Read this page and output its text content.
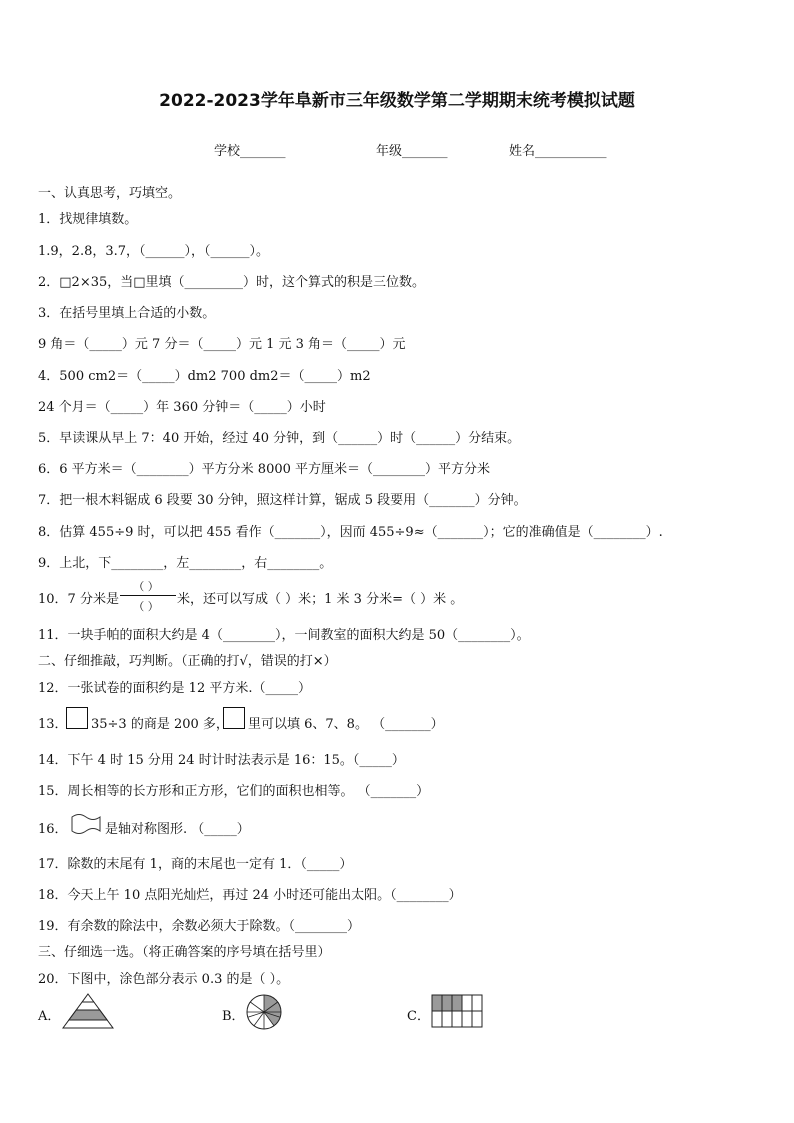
2022-2023学年阜新市三年级数学第二学期期末统考模拟试题
学校_______	年级_______	姓名___________
一、认真思考，巧填空。
1．找规律填数。
1.9，2.8，3.7，（______），（______）。
2．□2×35，当□里填（_________）时，这个算式的积是三位数。
3．在括号里填上合适的小数。
9 角＝（_____）元 7 分＝（_____）元 1 元 3 角＝（_____）元
4．500 cm2＝（_____）dm2 700 dm2＝（_____）m2
24 个月＝（_____）年 360 分钟＝（_____）小时
5．早读课从早上 7：40 开始，经过 40 分钟，到（______）时（______）分结束。
6．6 平方米＝（________）平方分米 8000 平方厘米＝（________）平方分米
7．把一根木料锯成 6 段要 30 分钟，照这样计算，锯成 5 段要用（_______）分钟。
8．估算 455÷9 时，可以把 455 看作（_______），因而 455÷9≈（_______）；它的准确值是（________）.
9．上北，下________，左________，右________。
10．7 分米是
（ ）
（ ）	米，还可以写成（ ）米；1 米 3 分米=（ ）米 。
11．一块手帕的面积大约是 4（________），一间教室的面积大约是 50（________）。
二、仔细推敲，巧判断。（正确的打√，错误的打×）
12．一张试卷的面积约是 12 平方米.（_____）
13． 35÷3 的商是 200 多， 里可以填 6、7、8。 （_______）
14．下午 4 时 15 分用 24 时计时法表示是 16：15。（_____）
15．周长相等的长方形和正方形，它们的面积也相等。 （_______）
16．	是轴对称图形. （_____）
17．除数的末尾有 1，商的末尾也一定有 1．（_____）
18．今天上午 10 点阳光灿烂，再过 24 小时还可能出太阳。（________）
19．有余数的除法中，余数必须大于除数。（________）
三、仔细选一选。（将正确答案的序号填在括号里）
20．下图中，涂色部分表示 0.3 的是（ ）。
A．	B．	C．
